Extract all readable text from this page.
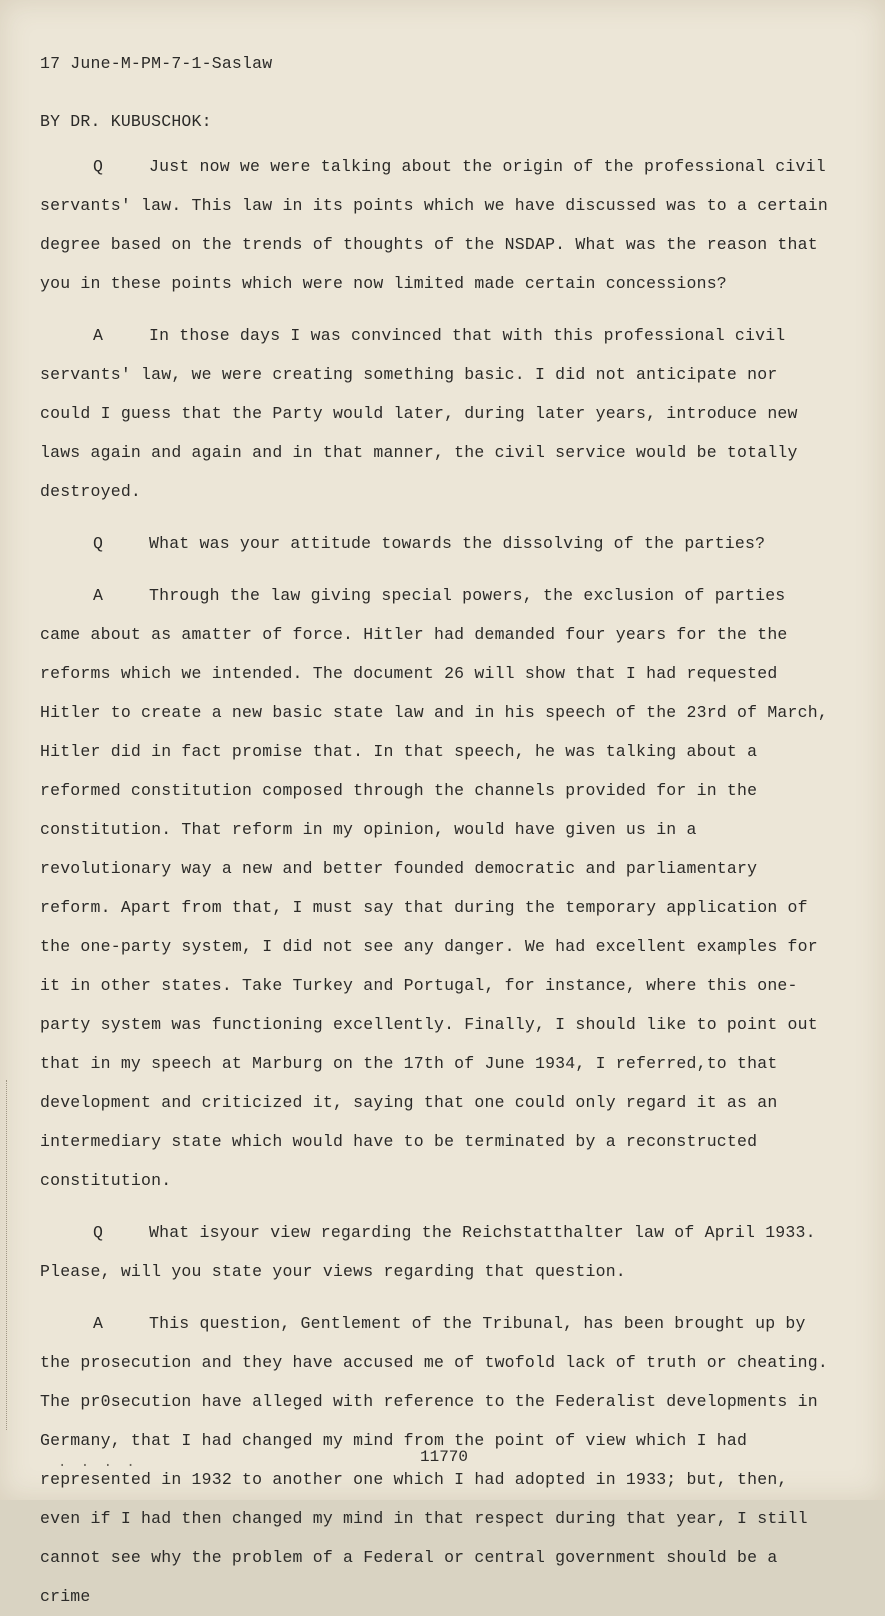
17 June-M-PM-7-1-Saslaw
BY DR. KUBUSCHOK:
Q	Just now we were talking about the origin of the professional civil servants' law. This law in its points which we have discussed was to a certain degree based on the trends of thoughts of the NSDAP. What was the reason that you in these points which were now limited made certain concessions?
A	In those days I was convinced that with this professional civil servants' law, we were creating something basic. I did not anticipate nor could I guess that the Party would later, during later years, introduce new laws again and again and in that manner, the civil service would be totally destroyed.
Q	What was your attitude towards the dissolving of the parties?
A	Through the law giving special powers, the exclusion of parties came about as amatter of force. Hitler had demanded four years for the the reforms which we intended. The document 26 will show that I had requested Hitler to create a new basic state law and in his speech of the 23rd of March, Hitler did in fact promise that. In that speech, he was talking about a reformed constitution composed through the channels provided for in the constitution. That reform in my opinion, would have given us in a revolutionary way a new and better founded democratic and parliamentary reform. Apart from that, I must say that during the temporary application of the one-party system, I did not see any danger. We had excellent examples for it in other states. Take Turkey and Portugal, for instance, where this one-party system was functioning excellently. Finally, I should like to point out that in my speech at Marburg on the 17th of June 1934, I referred,to that development and criticized it, saying that one could only regard it as an intermediary state which would have to be terminated by a reconstructed constitution.
Q	What isyour view regarding the Reichstatthalter law of April 1933. Please, will you state your views regarding that question.
A	This question, Gentlement of the Tribunal, has been brought up by the prosecution and they have accused me of twofold lack of truth or cheating. The pr0secution have alleged with reference to the Federalist developments in Germany, that I had changed my mind from the point of view which I had represented in 1932 to another one which I had adopted in 1933; but, then, even if I had then changed my mind in that respect during that year, I still cannot see why the problem of a Federal or central government should be a crime
. . . .	11770
